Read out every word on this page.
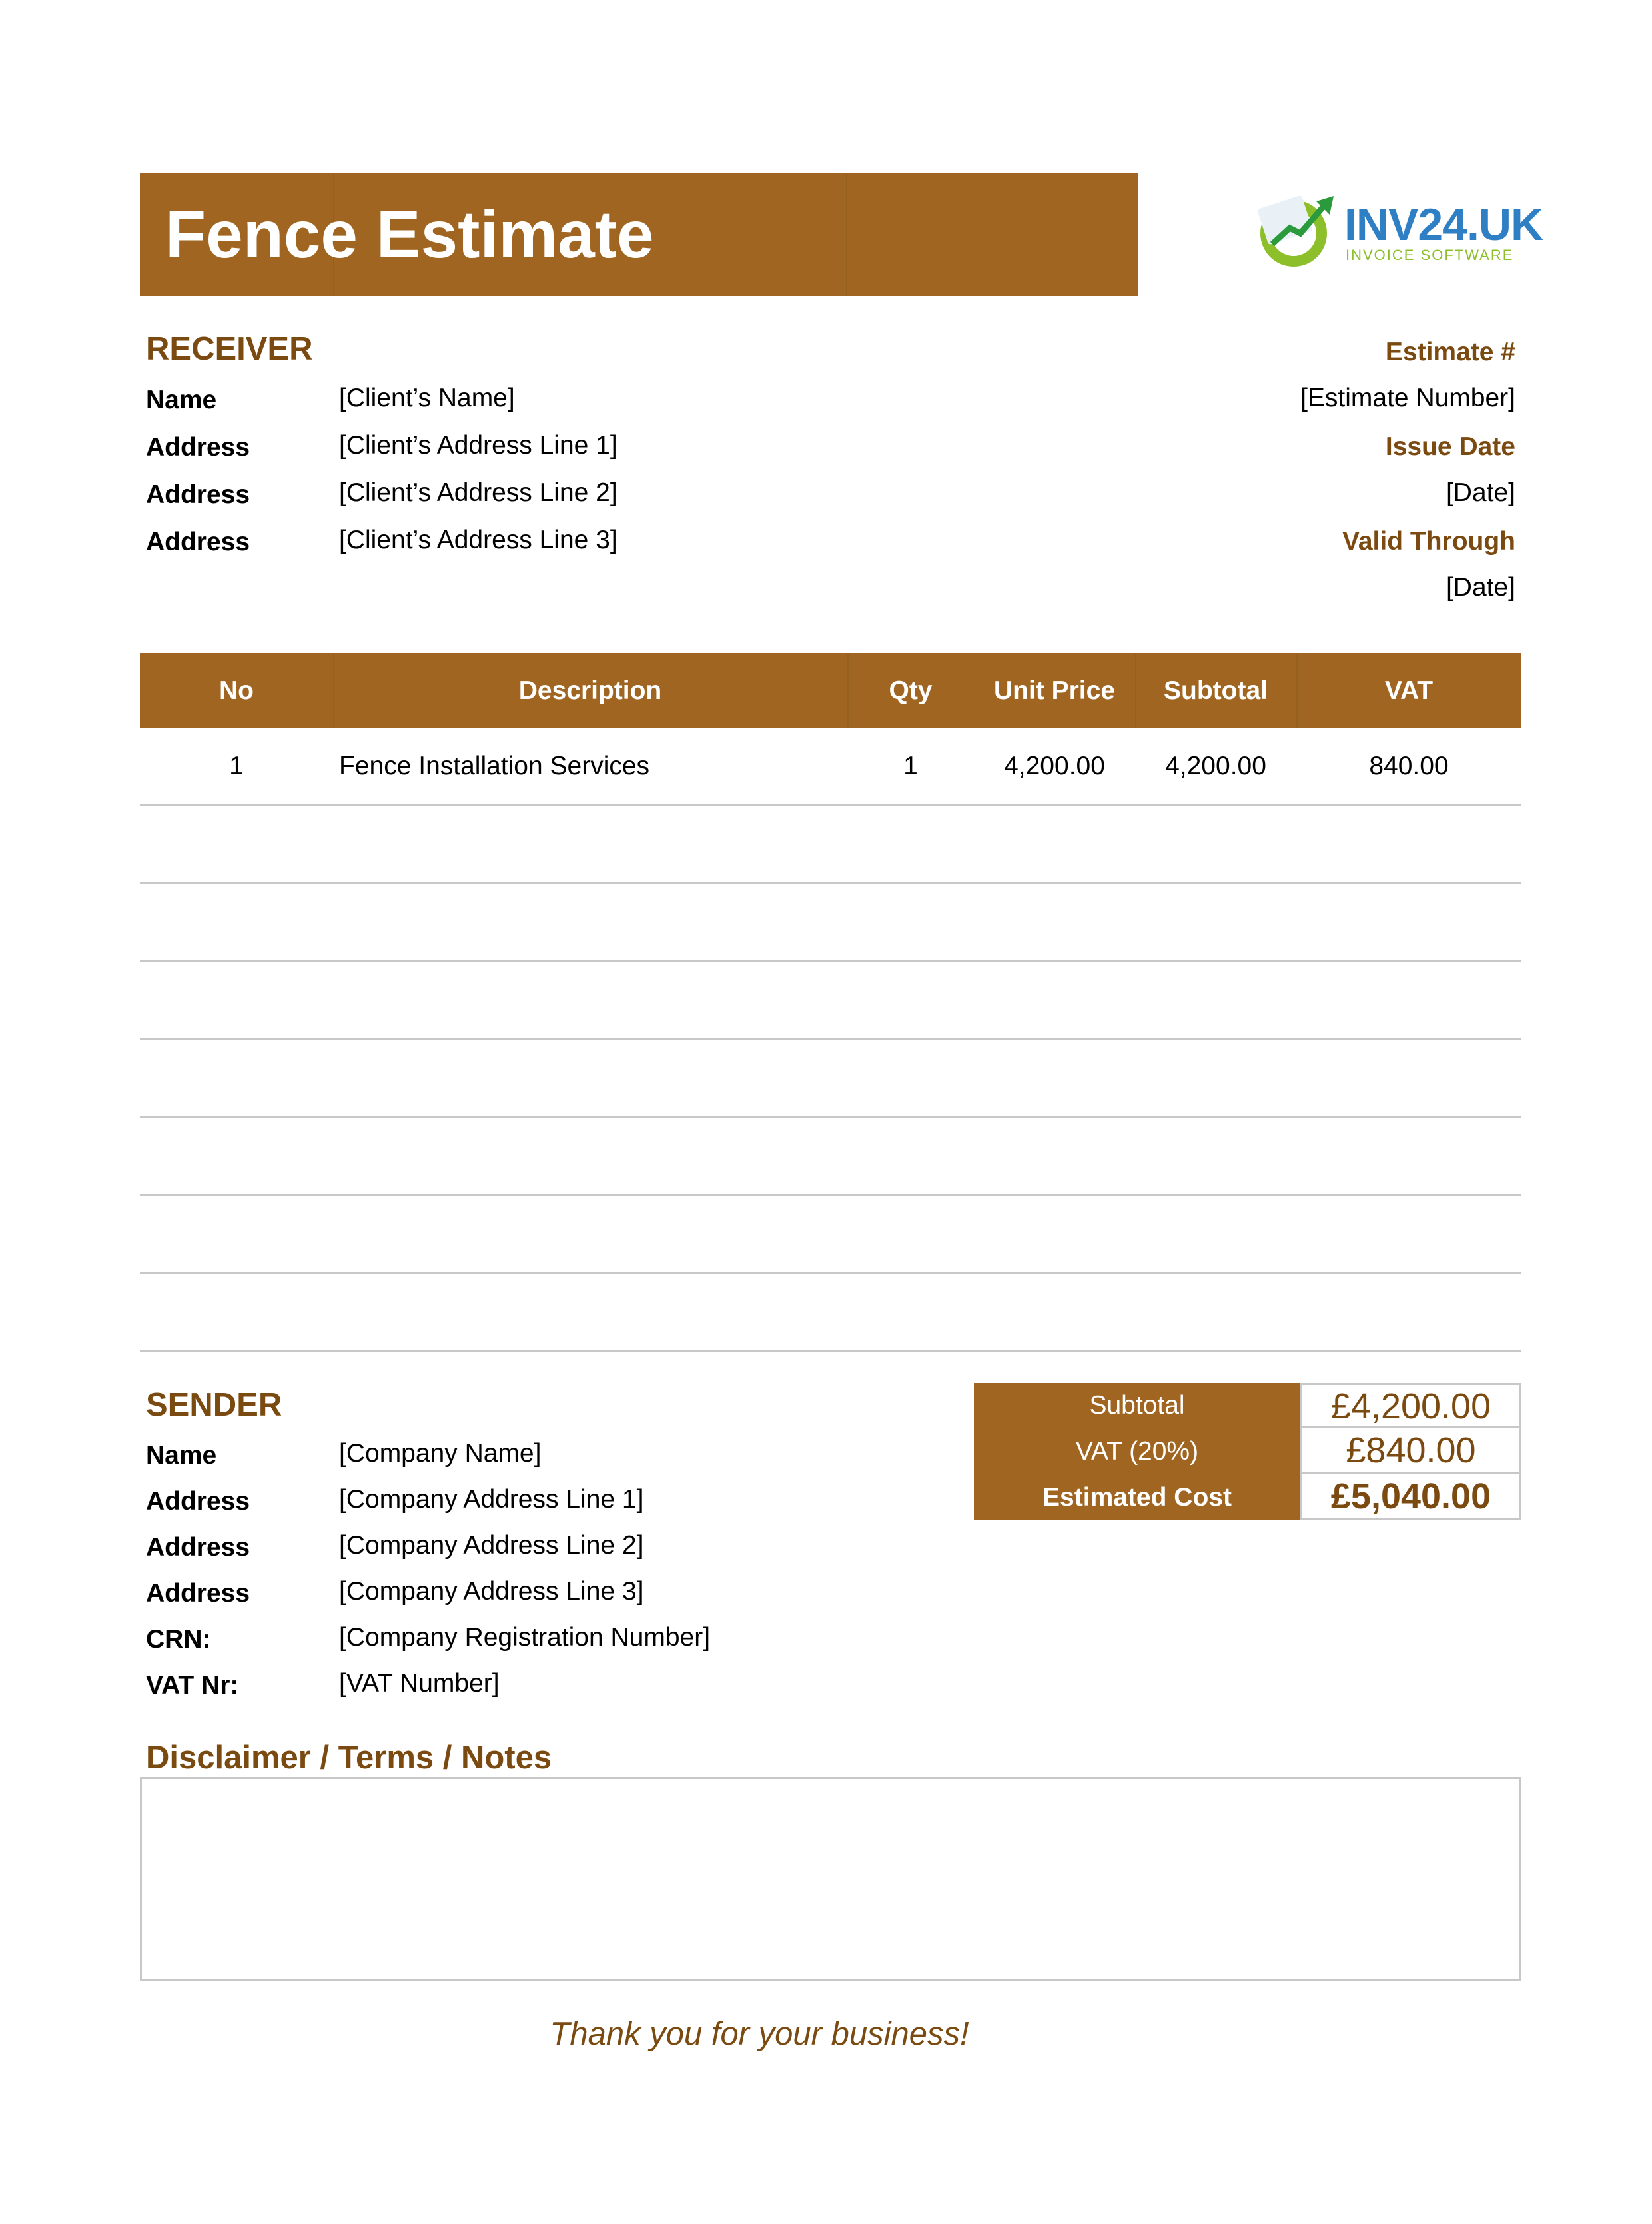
Fence Estimate	INV24.UK
INVOICE SOFTWARE
RECEIVER
Name	[Client’s Name]
Address	[Client’s Address Line 1]
Address	[Client’s Address Line 2]
Address	[Client’s Address Line 3]
Estimate #
[Estimate Number]
Issue Date
[Date]
Valid Through
[Date]
No	Description	Qty	Unit Price	Subtotal	VAT
1	Fence Installation Services	1	4,200.00	4,200.00	840.00
SENDER
Name	[Company Name]
Address	[Company Address Line 1]
Address	[Company Address Line 2]
Address	[Company Address Line 3]
CRN:	[Company Registration Number]
VAT Nr:	[VAT Number]
Subtotal	£4,200.00
VAT (20%)	£840.00
Estimated Cost	£5,040.00
Disclaimer / Terms / Notes
Thank you for your business!
